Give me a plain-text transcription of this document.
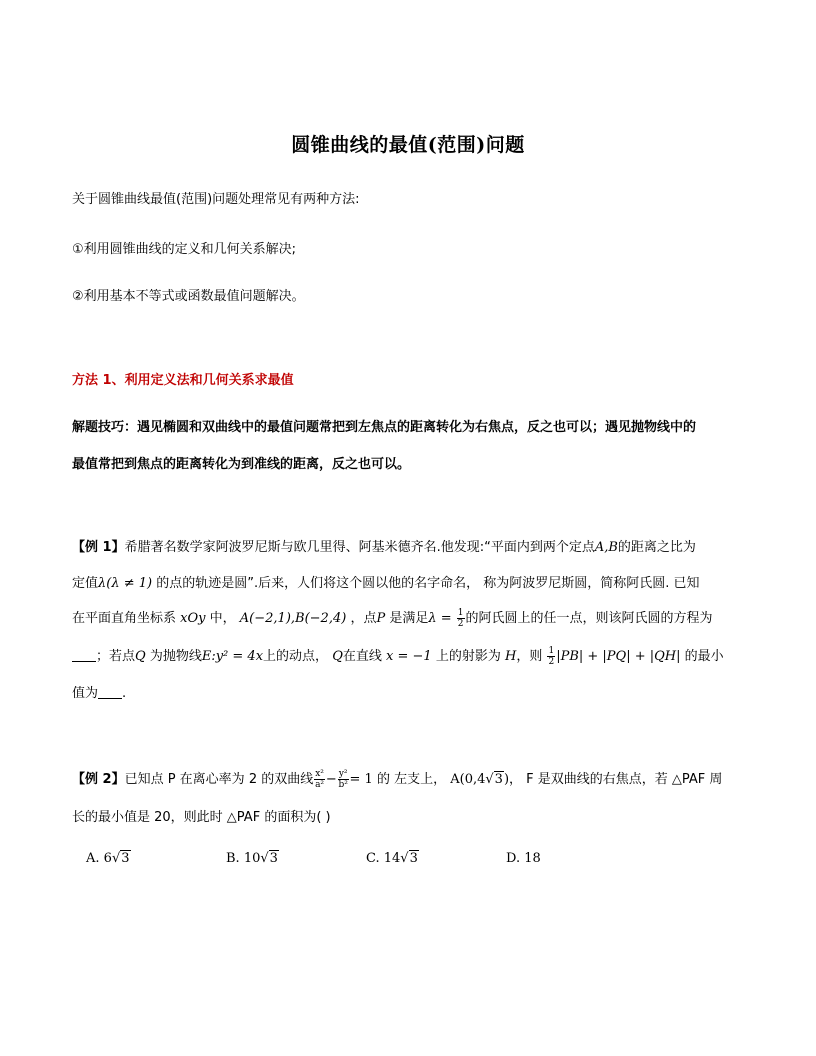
圆锥曲线的最值(范围)问题
关于圆锥曲线最值(范围)问题处理常见有两种方法:
①利用圆锥曲线的定义和几何关系解决;
②利用基本不等式或函数最值问题解决。
方法 1、利用定义法和几何关系求最值
解题技巧：遇见椭圆和双曲线中的最值问题常把到左焦点的距离转化为右焦点，反之也可以；遇见抛物线中的
最值常把到焦点的距离转化为到准线的距离，反之也可以。
【例 1】希腊著名数学家阿波罗尼斯与欧几里得、阿基米德齐名.他发现:“平面内到两个定点A,B的距离之比为
定值λ(λ ≠ 1) 的点的轨迹是圆”.后来，人们将这个圆以他的名字命名， 称为阿波罗尼斯圆，简称阿氏圆. 已知
在平面直角坐标系 xOy 中， A(−2,1),B(−2,4) ，点P 是满足$\lambda = \frac{1}{2}$ 的阿氏圆上的任一点，则该阿氏圆的方程为
；若点Q 为抛物线E:y² = 4x上的动点， Q在直线 x = −1 上的射影为 H，则 $\frac{1}{2} |PB| + |PQ| + |QH|$ 的最小
值为 .
【例 2】已知点 P 在离心率为 2 的双曲线 $\frac{\text{x²}}{\text{a²}} - \frac{\text{y²}}{\text{b²}} = 1$ 的 左支上， A(0,4√3)， F 是双曲线的右焦点，若 △PAF 周
长的最小值是 20，则此时 △PAF 的面积为( )
A. 6√3	B. 10√3	C. 14√3	D. 18
